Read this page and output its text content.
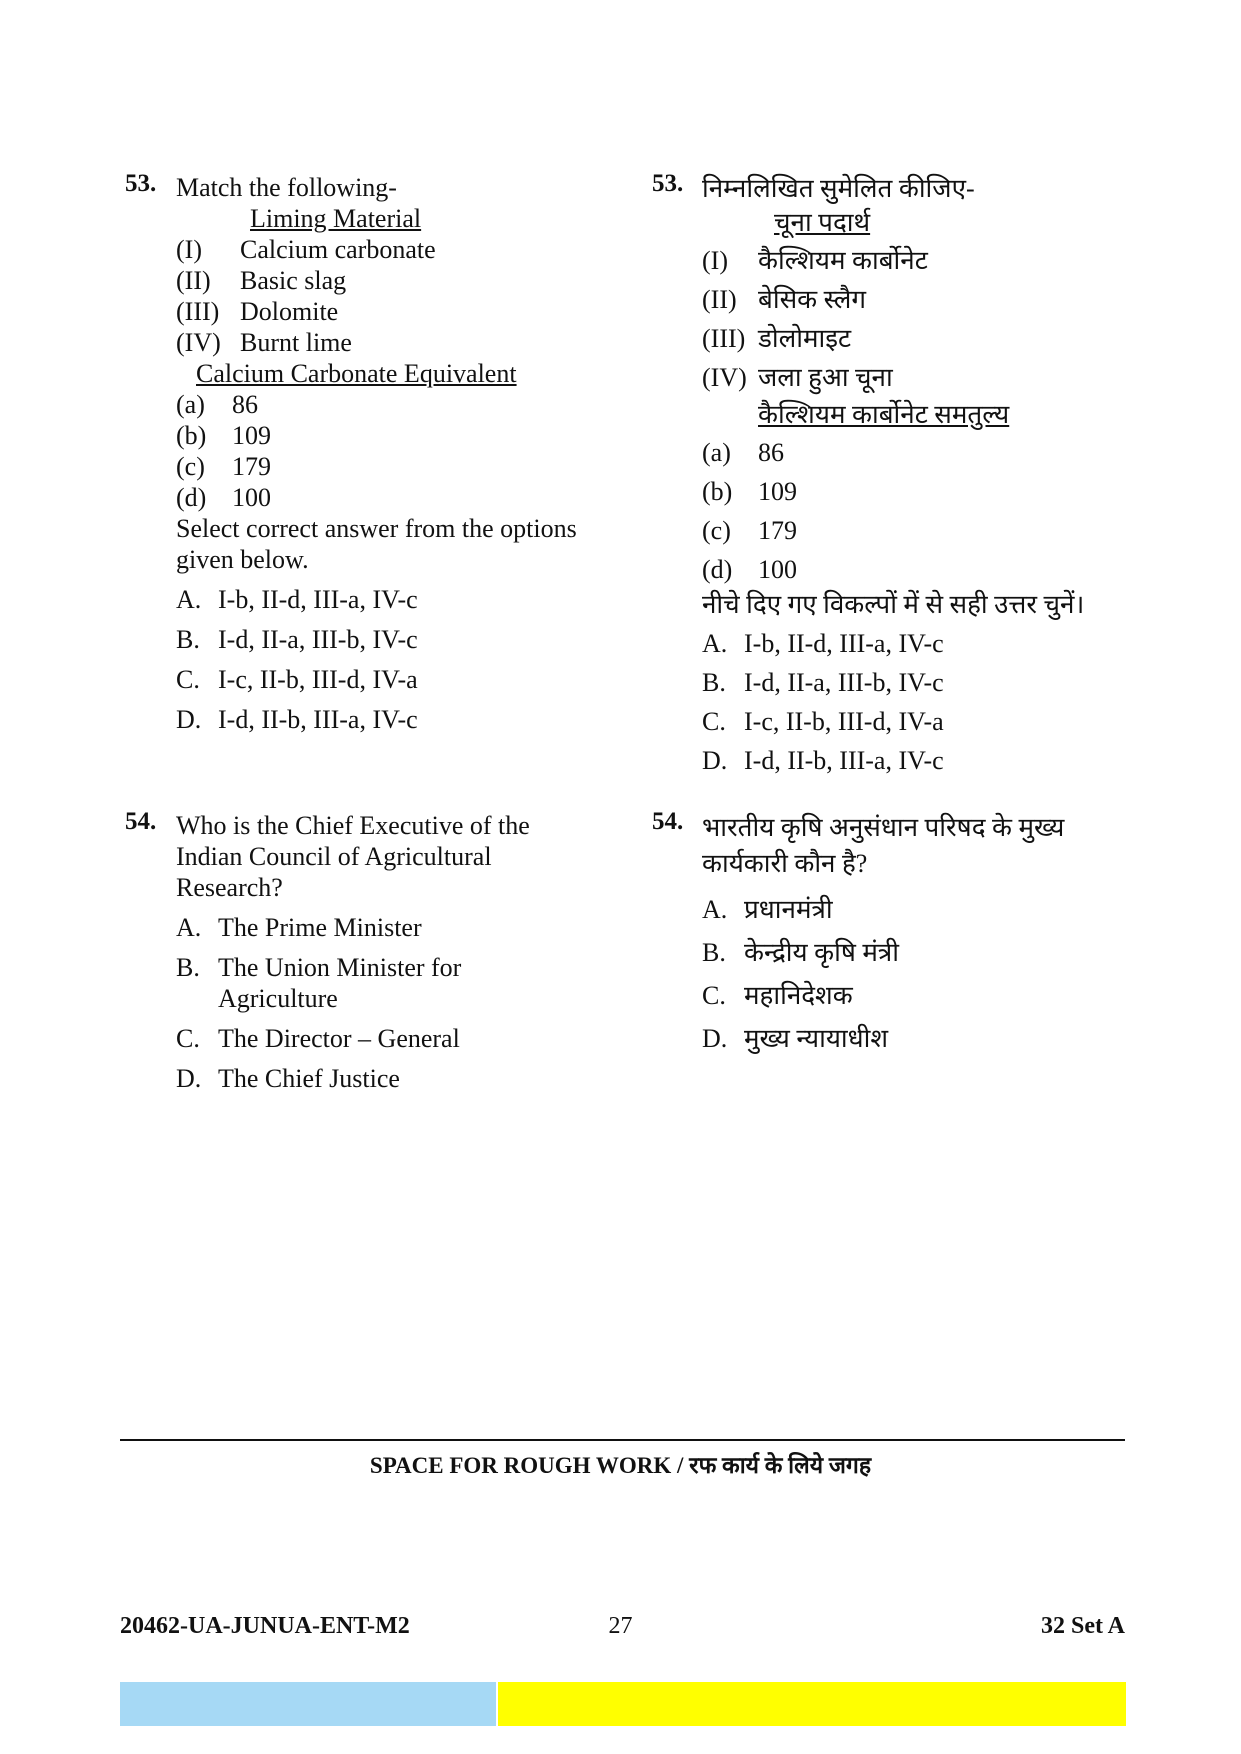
53. Match the following-
Liming Material
(I)	Calcium carbonate
(II)	Basic slag
(III) Dolomite
(IV) Burnt lime
Calcium Carbonate Equivalent
(a)	86
(b) 109
(c)	179
(d) 100
Select correct answer from the options given below.
A. I-b, II-d, III-a, IV-c
B. I-d, II-a, III-b, IV-c
C. I-c, II-b, III-d, IV-a
D. I-d, II-b, III-a, IV-c
54. Who is the Chief Executive of the Indian Council of Agricultural Research?
A. The Prime Minister
B. The Union Minister for Agriculture
C. The Director – General
D. The Chief Justice
53. निम्नलिखित सुमेलित कीजिए-
चूना पदार्थ
(I)	कैल्शियम कार्बोनेट
(II) बेसिक स्लैग
(III) डोलोमाइट
(IV) जला हुआ चूना
कैल्शियम कार्बोनेट समतुल्य
(a)	86
(b) 109
(c)	179
(d) 100
नीचे दिए गए विकल्पों में से सही उत्तर चुनें।
A. I-b, II-d, III-a, IV-c
B. I-d, II-a, III-b, IV-c
C. I-c, II-b, III-d, IV-a
D. I-d, II-b, III-a, IV-c
54. भारतीय कृषि अनुसंधान परिषद के मुख्य कार्यकारी कौन है?
A. प्रधानमंत्री
B. केन्द्रीय कृषि मंत्री
C. महानिदेशक
D. मुख्य न्यायाधीश
SPACE FOR ROUGH WORK / रफ कार्य के लिये जगह
27
20462-UA-JUNUA-ENT-M2	32 Set A
